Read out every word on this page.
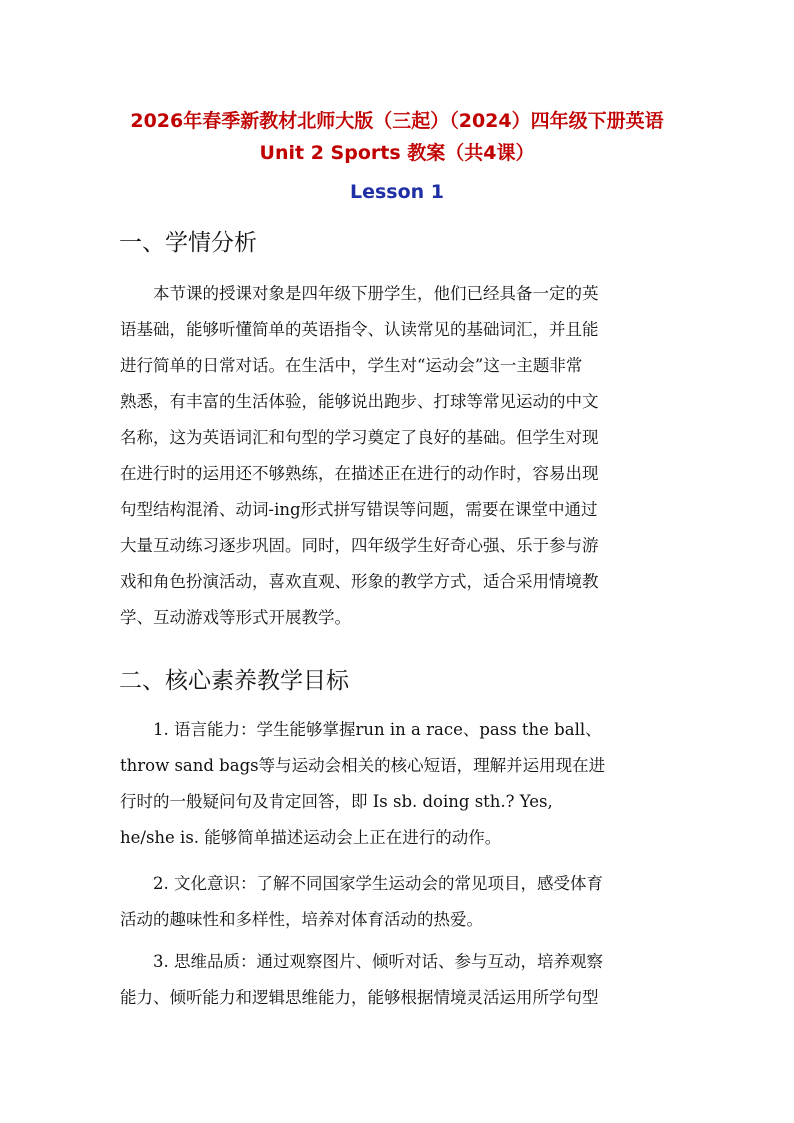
2026年春季新教材北师大版（三起）（2024）四年级下册英语
Unit 2 Sports 教案（共4课）
Lesson 1
一、学情分析
本节课的授课对象是四年级下册学生，他们已经具备一定的英
语基础，能够听懂简单的英语指令、认读常见的基础词汇，并且能
进行简单的日常对话。在生活中，学生对“运动会”这一主题非常
熟悉，有丰富的生活体验，能够说出跑步、打球等常见运动的中文
名称，这为英语词汇和句型的学习奠定了良好的基础。但学生对现
在进行时的运用还不够熟练，在描述正在进行的动作时，容易出现
句型结构混淆、动词-ing形式拼写错误等问题，需要在课堂中通过
大量互动练习逐步巩固。同时，四年级学生好奇心强、乐于参与游
戏和角色扮演活动，喜欢直观、形象的教学方式，适合采用情境教
学、互动游戏等形式开展教学。
二、核心素养教学目标
1. 语言能力：学生能够掌握run in a race、pass the ball、
throw sand bags等与运动会相关的核心短语，理解并运用现在进
行时的一般疑问句及肯定回答，即 Is sb. doing sth.? Yes,
he/she is. 能够简单描述运动会上正在进行的动作。
2. 文化意识：了解不同国家学生运动会的常见项目，感受体育
活动的趣味性和多样性，培养对体育活动的热爱。
3. 思维品质：通过观察图片、倾听对话、参与互动，培养观察
能力、倾听能力和逻辑思维能力，能够根据情境灵活运用所学句型
